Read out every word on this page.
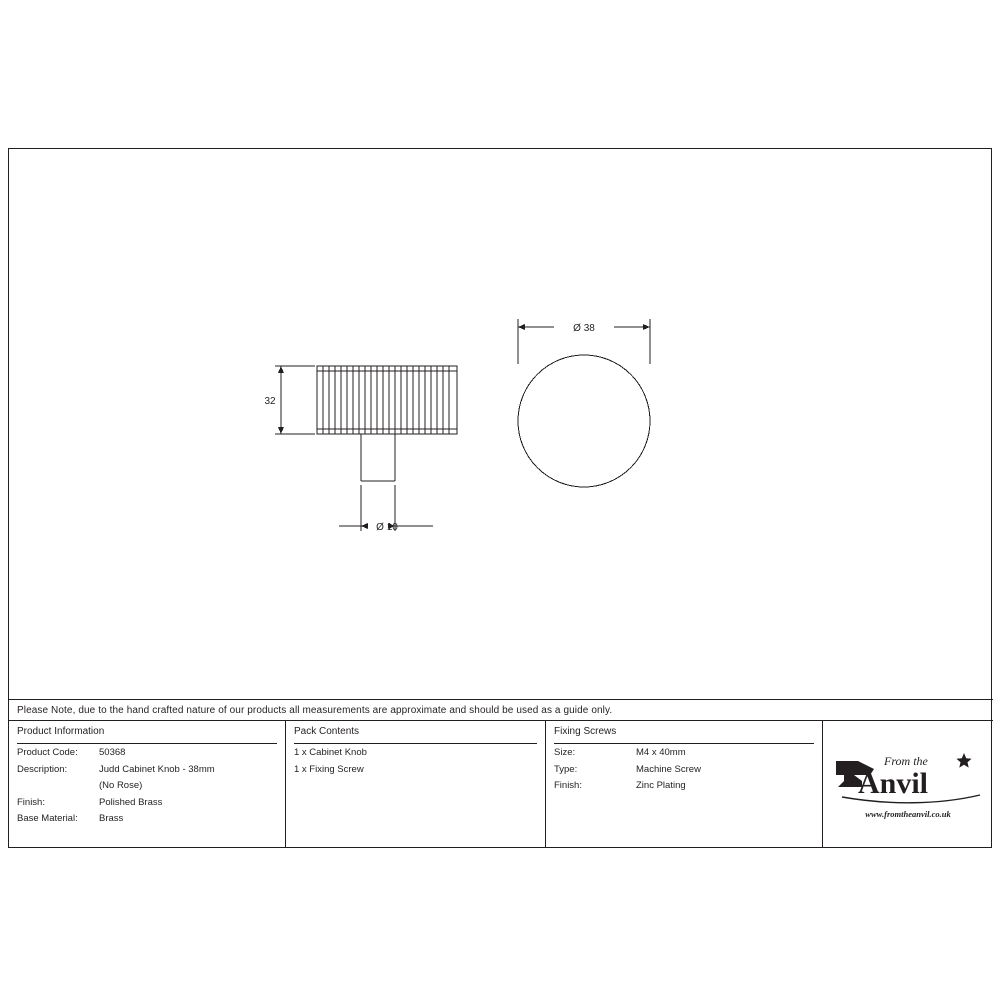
32
Ø 10
Ø 38
Please Note, due to the hand crafted nature of our products all measurements are approximate and should be used as a guide only.
Product Information
Product Code:	50368
Description:	Judd Cabinet Knob - 38mm
(No Rose)
Finish:	Polished Brass
Base Material:	Brass
Pack Contents
1 x Cabinet Knob
1 x Fixing Screw
Fixing Screws
Size:	M4 x 40mm
Type:	Machine Screw
Finish:	Zinc Plating
From the
Anvil
www.fromtheanvil.co.uk
